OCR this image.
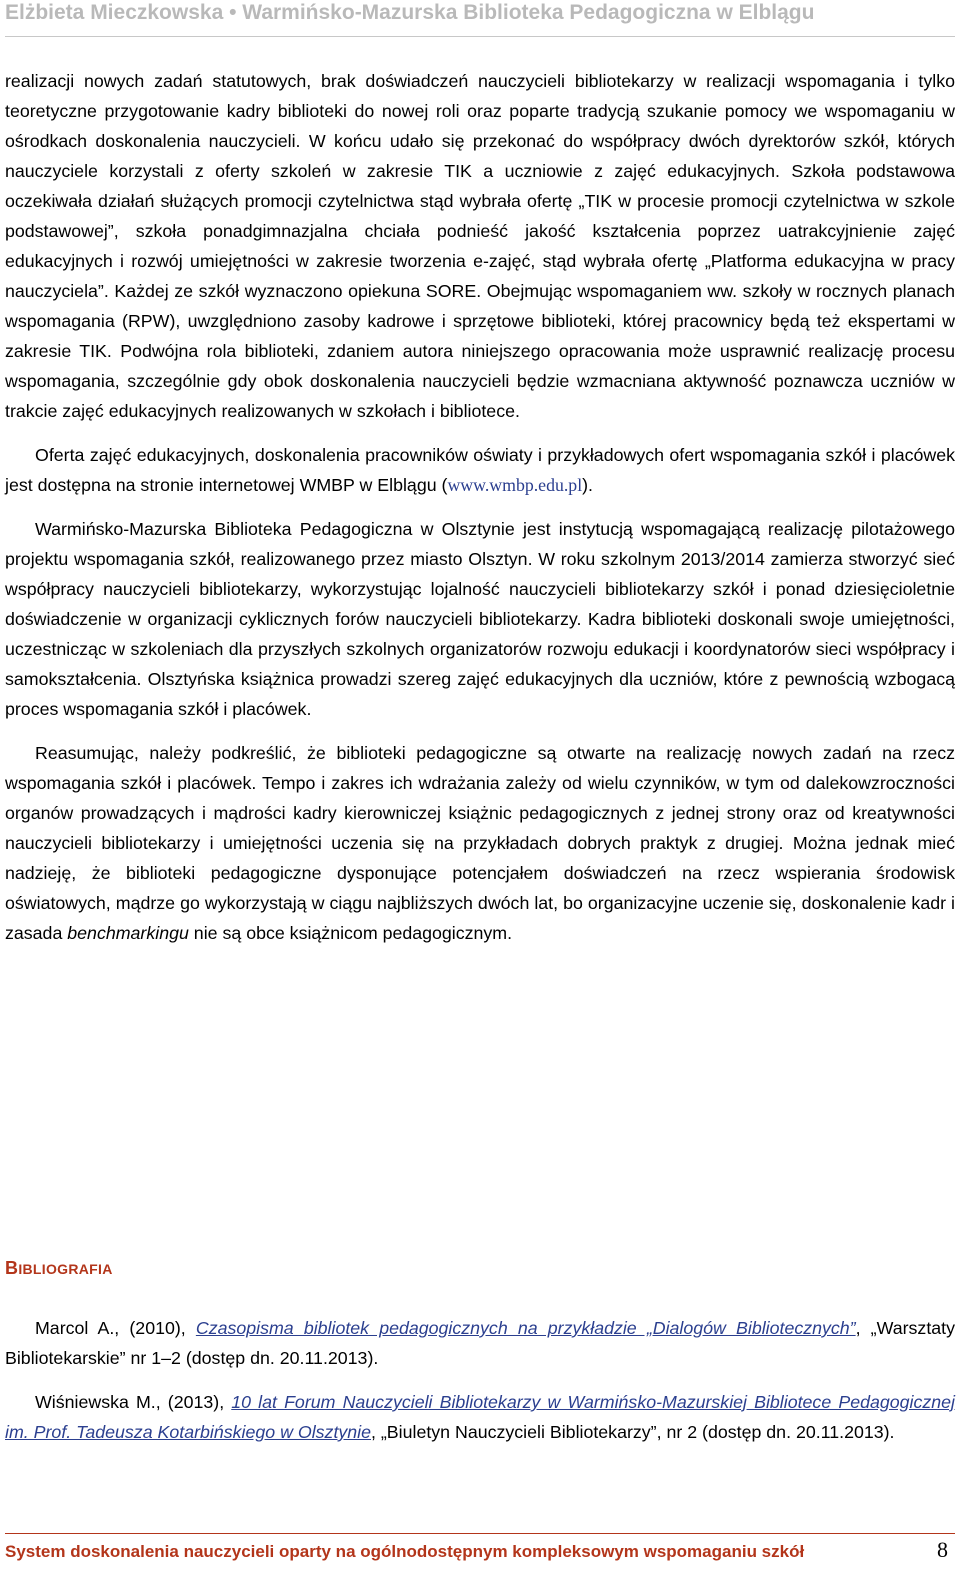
Elżbieta Mieczkowska • Warmińsko-Mazurska Biblioteka Pedagogiczna w Elblągu

realizacji nowych zadań statutowych, brak doświadczeń nauczycieli bibliotekarzy w realizacji wspomagania i tylko teoretyczne przygotowanie kadry biblioteki do nowej roli oraz poparte tradycją szukanie pomocy we wspomaganiu w ośrodkach doskonalenia nauczycieli. W końcu udało się przekonać do współpracy dwóch dyrektorów szkół, których nauczyciele korzystali z oferty szkoleń w zakresie TIK a uczniowie z zajęć edukacyjnych. Szkoła podstawowa oczekiwała działań służących promocji czytelnictwa stąd wybrała ofertę „TIK w procesie promocji czytelnictwa w szkole podstawowej”, szkoła ponadgimnazjalna chciała podnieść jakość kształcenia poprzez uatrakcyjnienie zajęć edukacyjnych i rozwój umiejętności w zakresie tworzenia e-zajęć, stąd wybrała ofertę „Platforma edukacyjna w pracy nauczyciela”. Każdej ze szkół wyznaczono opiekuna SORE. Obejmując wspomaganiem ww. szkoły w rocznych planach wspomagania (RPW), uwzględniono zasoby kadrowe i sprzętowe biblioteki, której pracownicy będą też ekspertami w zakresie TIK. Podwójna rola biblioteki, zdaniem autora niniejszego opracowania może usprawnić realizację procesu wspomagania, szczególnie gdy obok doskonalenia nauczycieli będzie wzmacniana aktywność poznawcza uczniów w trakcie zajęć edukacyjnych realizowanych w szkołach i bibliotece.

Oferta zajęć edukacyjnych, doskonalenia pracowników oświaty i przykładowych ofert wspomagania szkół i placówek jest dostępna na stronie internetowej WMBP w Elblągu (www.wmbp.edu.pl).

Warmińsko-Mazurska Biblioteka Pedagogiczna w Olsztynie jest instytucją wspomagającą realizację pilotażowego projektu wspomagania szkół, realizowanego przez miasto Olsztyn. W roku szkolnym 2013/2014 zamierza stworzyć sieć współpracy nauczycieli bibliotekarzy, wykorzystując lojalność nauczycieli bibliotekarzy szkół i ponad dziesięcioletnie doświadczenie w organizacji cyklicznych forów nauczycieli bibliotekarzy. Kadra biblioteki doskonali swoje umiejętności, uczestnicząc w szkoleniach dla przyszłych szkolnych organizatorów rozwoju edukacji i koordynatorów sieci współpracy i samokształcenia. Olsztyńska książnica prowadzi szereg zajęć edukacyjnych dla uczniów, które z pewnością wzbogacą proces wspomagania szkół i placówek.

Reasumując, należy podkreślić, że biblioteki pedagogiczne są otwarte na realizację nowych zadań na rzecz wspomagania szkół i placówek. Tempo i zakres ich wdrażania zależy od wielu czynników, w tym od dalekowzroczności organów prowadzących i mądrości kadry kierowniczej książnic pedagogicznych z jednej strony oraz od kreatywności nauczycieli bibliotekarzy i umiejętności uczenia się na przykładach dobrych praktyk z drugiej. Można jednak mieć nadzieję, że biblioteki pedagogiczne dysponujące potencjałem doświadczeń na rzecz wspierania środowisk oświatowych, mądrze go wykorzystają w ciągu najbliższych dwóch lat, bo organizacyjne uczenie się, doskonalenie kadr i zasada benchmarkingu nie są obce książnicom pedagogicznym.

BIBLIOGRAFIA

Marcol A., (2010), Czasopisma bibliotek pedagogicznych na przykładzie „Dialogów Bibliotecznych”, „Warsztaty Bibliotekarskie” nr 1–2 (dostęp dn. 20.11.2013).

Wiśniewska M., (2013), 10 lat Forum Nauczycieli Bibliotekarzy w Warmińsko-Mazurskiej Bibliotece Pedagogicznej im. Prof. Tadeusza Kotarbińskiego w Olsztynie, „Biuletyn Nauczycieli Bibliotekarzy”, nr 2 (dostęp dn. 20.11.2013).

System doskonalenia nauczycieli oparty na ogólnodostępnym kompleksowym wspomaganiu szkół	8
